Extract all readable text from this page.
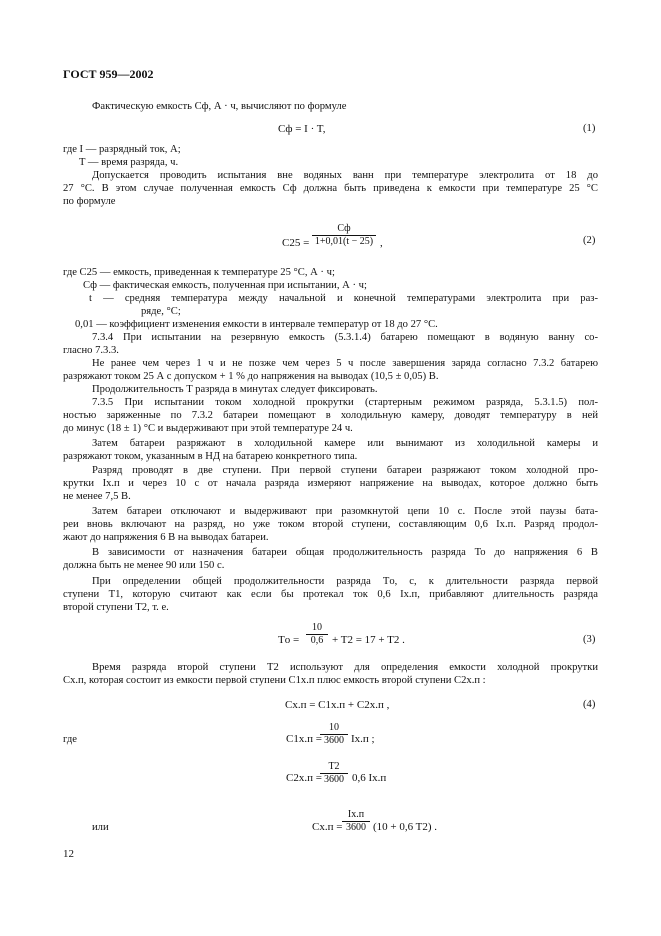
ГОСТ 959—2002
Фактическую емкость Cф, А · ч, вычисляют по формуле
Cф = I · T,	(1)
где I — разрядный ток, А;
T — время разряда, ч.
Допускается проводить испытания вне водяных ванн при температуре электролита от 18 до
27 °С. В этом случае полученная емкость Cф должна быть приведена к емкости при температуре 25 °С
по формуле
C25 =
Cф
1+0,01(t − 25) ,	(2)
где C25 — емкость, приведенная к температуре 25 °С, А · ч;
Cф — фактическая емкость, полученная при испытании, А · ч;
t — средняя температура между начальной и конечной температурами электролита при раз-
ряде, °С;
0,01 — коэффициент изменения емкости в интервале температур от 18 до 27 °С.
7.3.4 При испытании на резервную емкость (5.3.1.4) батарею помещают в водяную ванну со-
гласно 7.3.3.
Не ранее чем через 1 ч и не позже чем через 5 ч после завершения заряда согласно 7.3.2 батарею
разряжают током 25 А с допуском + 1 % до напряжения на выводах (10,5 ± 0,05) В.
Продолжительность T разряда в минутах следует фиксировать.
7.3.5 При испытании током холодной прокрутки (стартерным режимом разряда, 5.3.1.5) пол-
ностью заряженные по 7.3.2 батареи помещают в холодильную камеру, доводят температуру в ней
до минус (18 ± 1) °С и выдерживают при этой температуре 24 ч.
Затем батареи разряжают в холодильной камере или вынимают из холодильной камеры и
разряжают током, указанным в НД на батарею конкретного типа.
Разряд проводят в две ступени. При первой ступени батареи разряжают током холодной про-
крутки Iх.п и через 10 с от начала разряда измеряют напряжение на выводах, которое должно быть
не менее 7,5 В.
Затем батареи отключают и выдерживают при разомкнутой цепи 10 с. После этой паузы бата-
реи вновь включают на разряд, но уже током второй ступени, составляющим 0,6 Iх.п. Разряд продол-
жают до напряжения 6 В на выводах батареи.
В зависимости от назначения батареи общая продолжительность разряда To до напряжения 6 В
должна быть не менее 90 или 150 с.
При определении общей продолжительности разряда Tо, с, к длительности разряда первой
ступени T1, которую считают как если бы протекал ток 0,6 Iх.п, прибавляют длительность разряда
второй ступени T2, т. е.
Tо = $\frac{10}{0,6} + T2 = 17 + T2$ .	(3)
Время разряда второй ступени T2 используют для определения емкости холодной прокрутки
Cх.п, которая состоит из емкости первой ступени C1х.п плюс емкость второй ступени C2х.п :
Cх.п = C1х.п + C2х.п ,	(4)
где	C1х.п =
$\frac{10}{3600} Iх.п$ ;
C2х.п =
$\frac{T2}{3600} 0,6$ Iх.п
или	Cх.п =
Iх.п
3600 (10 + 0,6 T2) .
12
